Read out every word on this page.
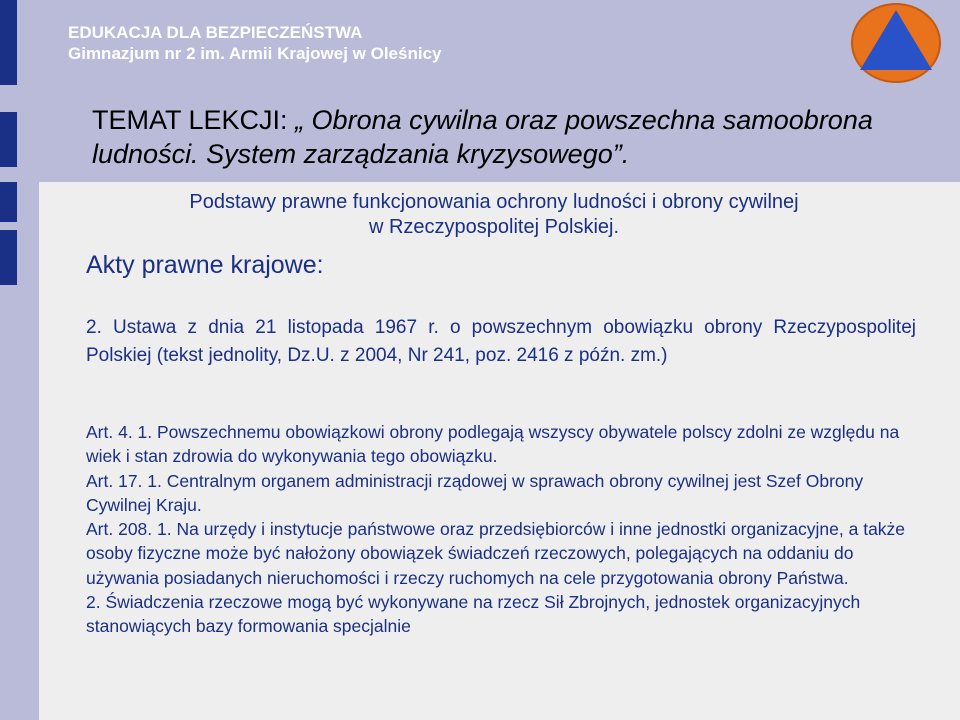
EDUKACJA DLA BEZPIECZEŃSTWA
Gimnazjum nr 2 im. Armii Krajowej w Oleśnicy
TEMAT LEKCJI: „ Obrona cywilna oraz powszechna samoobrona ludności. System zarządzania kryzysowego”.
Podstawy prawne funkcjonowania ochrony ludności i obrony cywilnej
w Rzeczypospolitej Polskiej.
Akty prawne krajowe:
2. Ustawa z dnia 21 listopada 1967 r. o powszechnym obowiązku obrony Rzeczypospolitej Polskiej (tekst jednolity, Dz.U. z 2004, Nr 241, poz. 2416 z późn. zm.)

Art. 4. 1. Powszechnemu obowiązkowi obrony podlegają wszyscy obywatele polscy zdolni ze względu na wiek i stan zdrowia do wykonywania tego obowiązku.

Art. 17. 1. Centralnym organem administracji rządowej w sprawach obrony cywilnej jest Szef Obrony Cywilnej Kraju.

Art. 208. 1. Na urzędy i instytucje państwowe oraz przedsiębiorców i inne jednostki organizacyjne, a także osoby fizyczne może być nałożony obowiązek świadczeń rzeczowych, polegających na oddaniu do używania posiadanych nieruchomości i rzeczy ruchomych na cele przygotowania obrony Państwa.

2. Świadczenia rzeczowe mogą być wykonywane na rzecz Sił Zbrojnych, jednostek organizacyjnych stanowiących bazy formowania specjalnie
